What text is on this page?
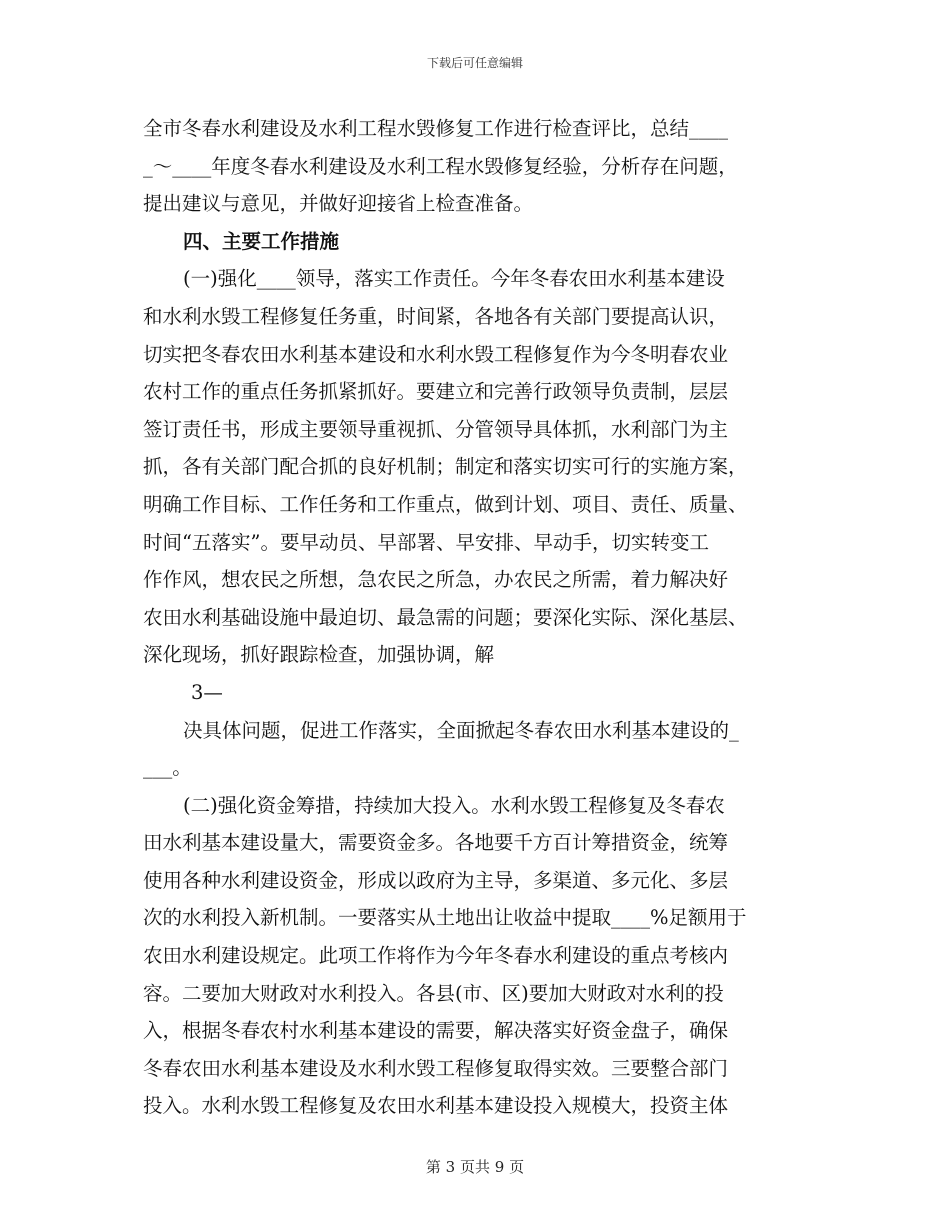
下载后可任意编辑
全市冬春水利建设及水利工程水毁修复工作进行检查评比，总结____
_～____年度冬春水利建设及水利工程水毁修复经验，分析存在问题，
提出建议与意见，并做好迎接省上检查准备。
四、主要工作措施
(一)强化____领导，落实工作责任。今年冬春农田水利基本建设
和水利水毁工程修复任务重，时间紧，各地各有关部门要提高认识，
切实把冬春农田水利基本建设和水利水毁工程修复作为今冬明春农业
农村工作的重点任务抓紧抓好。要建立和完善行政领导负责制，层层
签订责任书，形成主要领导重视抓、分管领导具体抓，水利部门为主
抓，各有关部门配合抓的良好机制；制定和落实切实可行的实施方案，
明确工作目标、工作任务和工作重点，做到计划、项目、责任、质量、
时间“五落实”。要早动员、早部署、早安排、早动手，切实转变工
作作风，想农民之所想，急农民之所急，办农民之所需，着力解决好
农田水利基础设施中最迫切、最急需的问题；要深化实际、深化基层、
深化现场，抓好跟踪检查，加强协调，解
3—
决具体问题，促进工作落实，全面掀起冬春农田水利基本建设的_
___。
(二)强化资金筹措，持续加大投入。水利水毁工程修复及冬春农
田水利基本建设量大，需要资金多。各地要千方百计筹措资金，统筹
使用各种水利建设资金，形成以政府为主导，多渠道、多元化、多层
次的水利投入新机制。一要落实从土地出让收益中提取____%足额用于
农田水利建设规定。此项工作将作为今年冬春水利建设的重点考核内
容。二要加大财政对水利投入。各县(市、区)要加大财政对水利的投
入，根据冬春农村水利基本建设的需要，解决落实好资金盘子，确保
冬春农田水利基本建设及水利水毁工程修复取得实效。三要整合部门
投入。水利水毁工程修复及农田水利基本建设投入规模大，投资主体
第 3 页共 9 页
